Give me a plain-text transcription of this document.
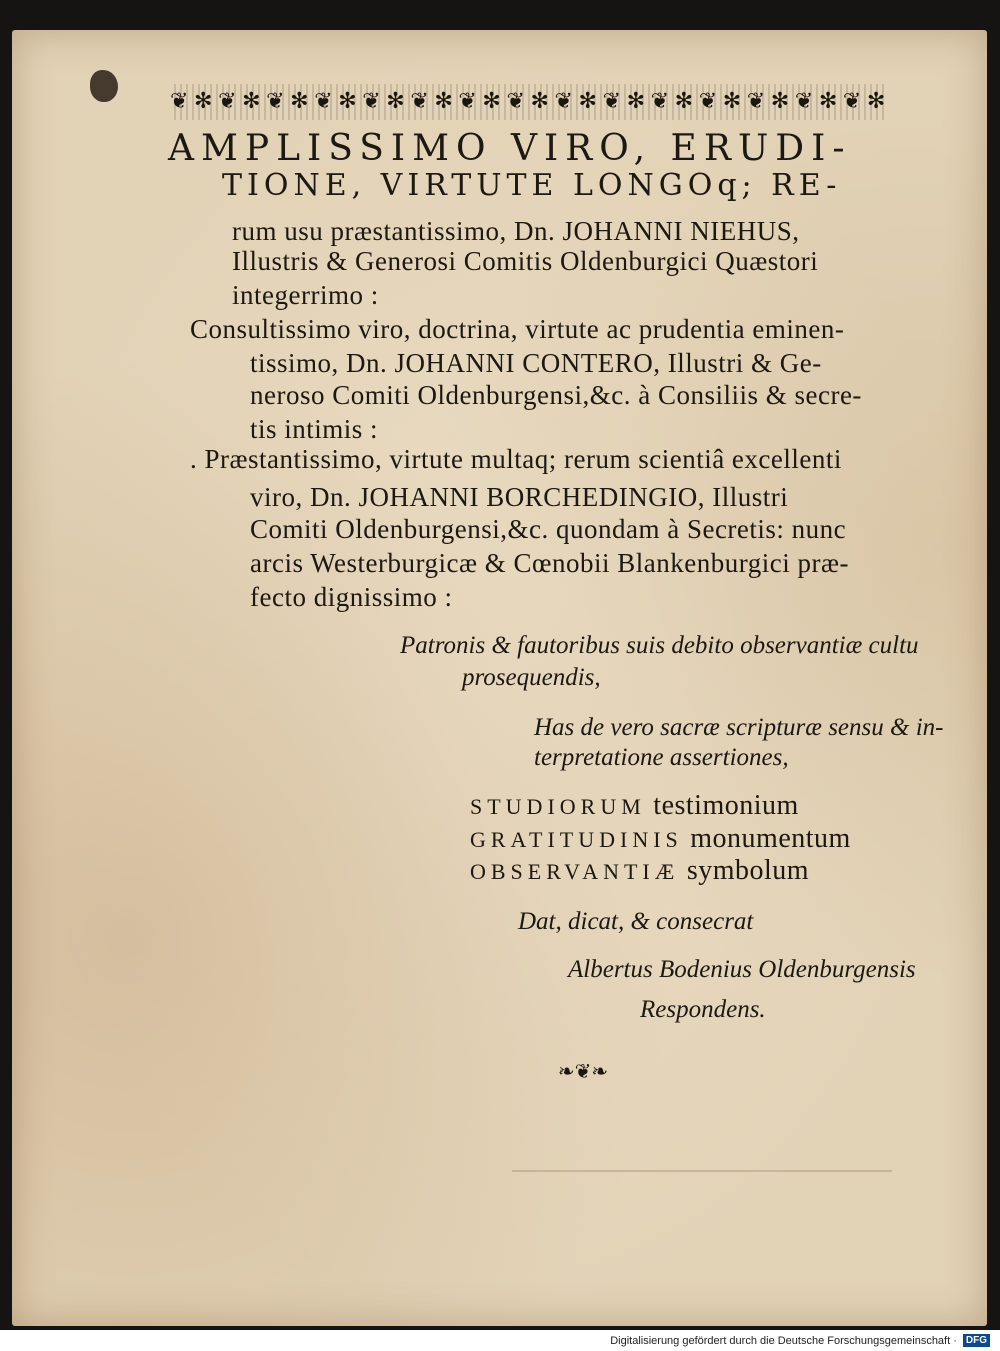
❦ ✻ ❦ ✻ ❦ ✻ ❦ ✻ ❦ ✻ ❦ ✻ ❦ ✻ ❦ ✻ ❦ ✻ ❦ ✻ ❦ ✻ ❦ ✻ ❦ ✻ ❦ ✻ ❦ ✻
AMPLISSIMO VIRO, ERUDI-
TIONE, VIRTUTE LONGOq; RE-
rum usu præstantissimo, Dn. JOHANNI NIEHUS,
Illustris & Generosi Comitis Oldenburgici Quæstori
integerrimo :
Consultissimo viro, doctrina, virtute ac prudentia eminen-
tissimo, Dn. JOHANNI CONTERO, Illustri & Ge-
neroso Comiti Oldenburgensi,&c. à Consiliis & secre-
tis intimis :
. Præstantissimo, virtute multaq; rerum scientiâ excellenti
viro, Dn. JOHANNI BORCHEDINGIO, Illustri
Comiti Oldenburgensi,&c. quondam à Secretis: nunc
arcis Westerburgicæ & Cœnobii Blankenburgici præ-
fecto dignissimo :
Patronis & fautoribus suis debito observantiæ cultu
prosequendis,
Has de vero sacræ scripturæ sensu & in-
terpretatione assertiones,
STUDIORUM testimonium
GRATITUDINIS monumentum
OBSERVANTIÆ symbolum
Dat, dicat, & consecrat
Albertus Bodenius Oldenburgensis
Respondens.
❧❦❧
Digitalisierung gefördert durch die Deutsche Forschungsgemeinschaft · DFG
